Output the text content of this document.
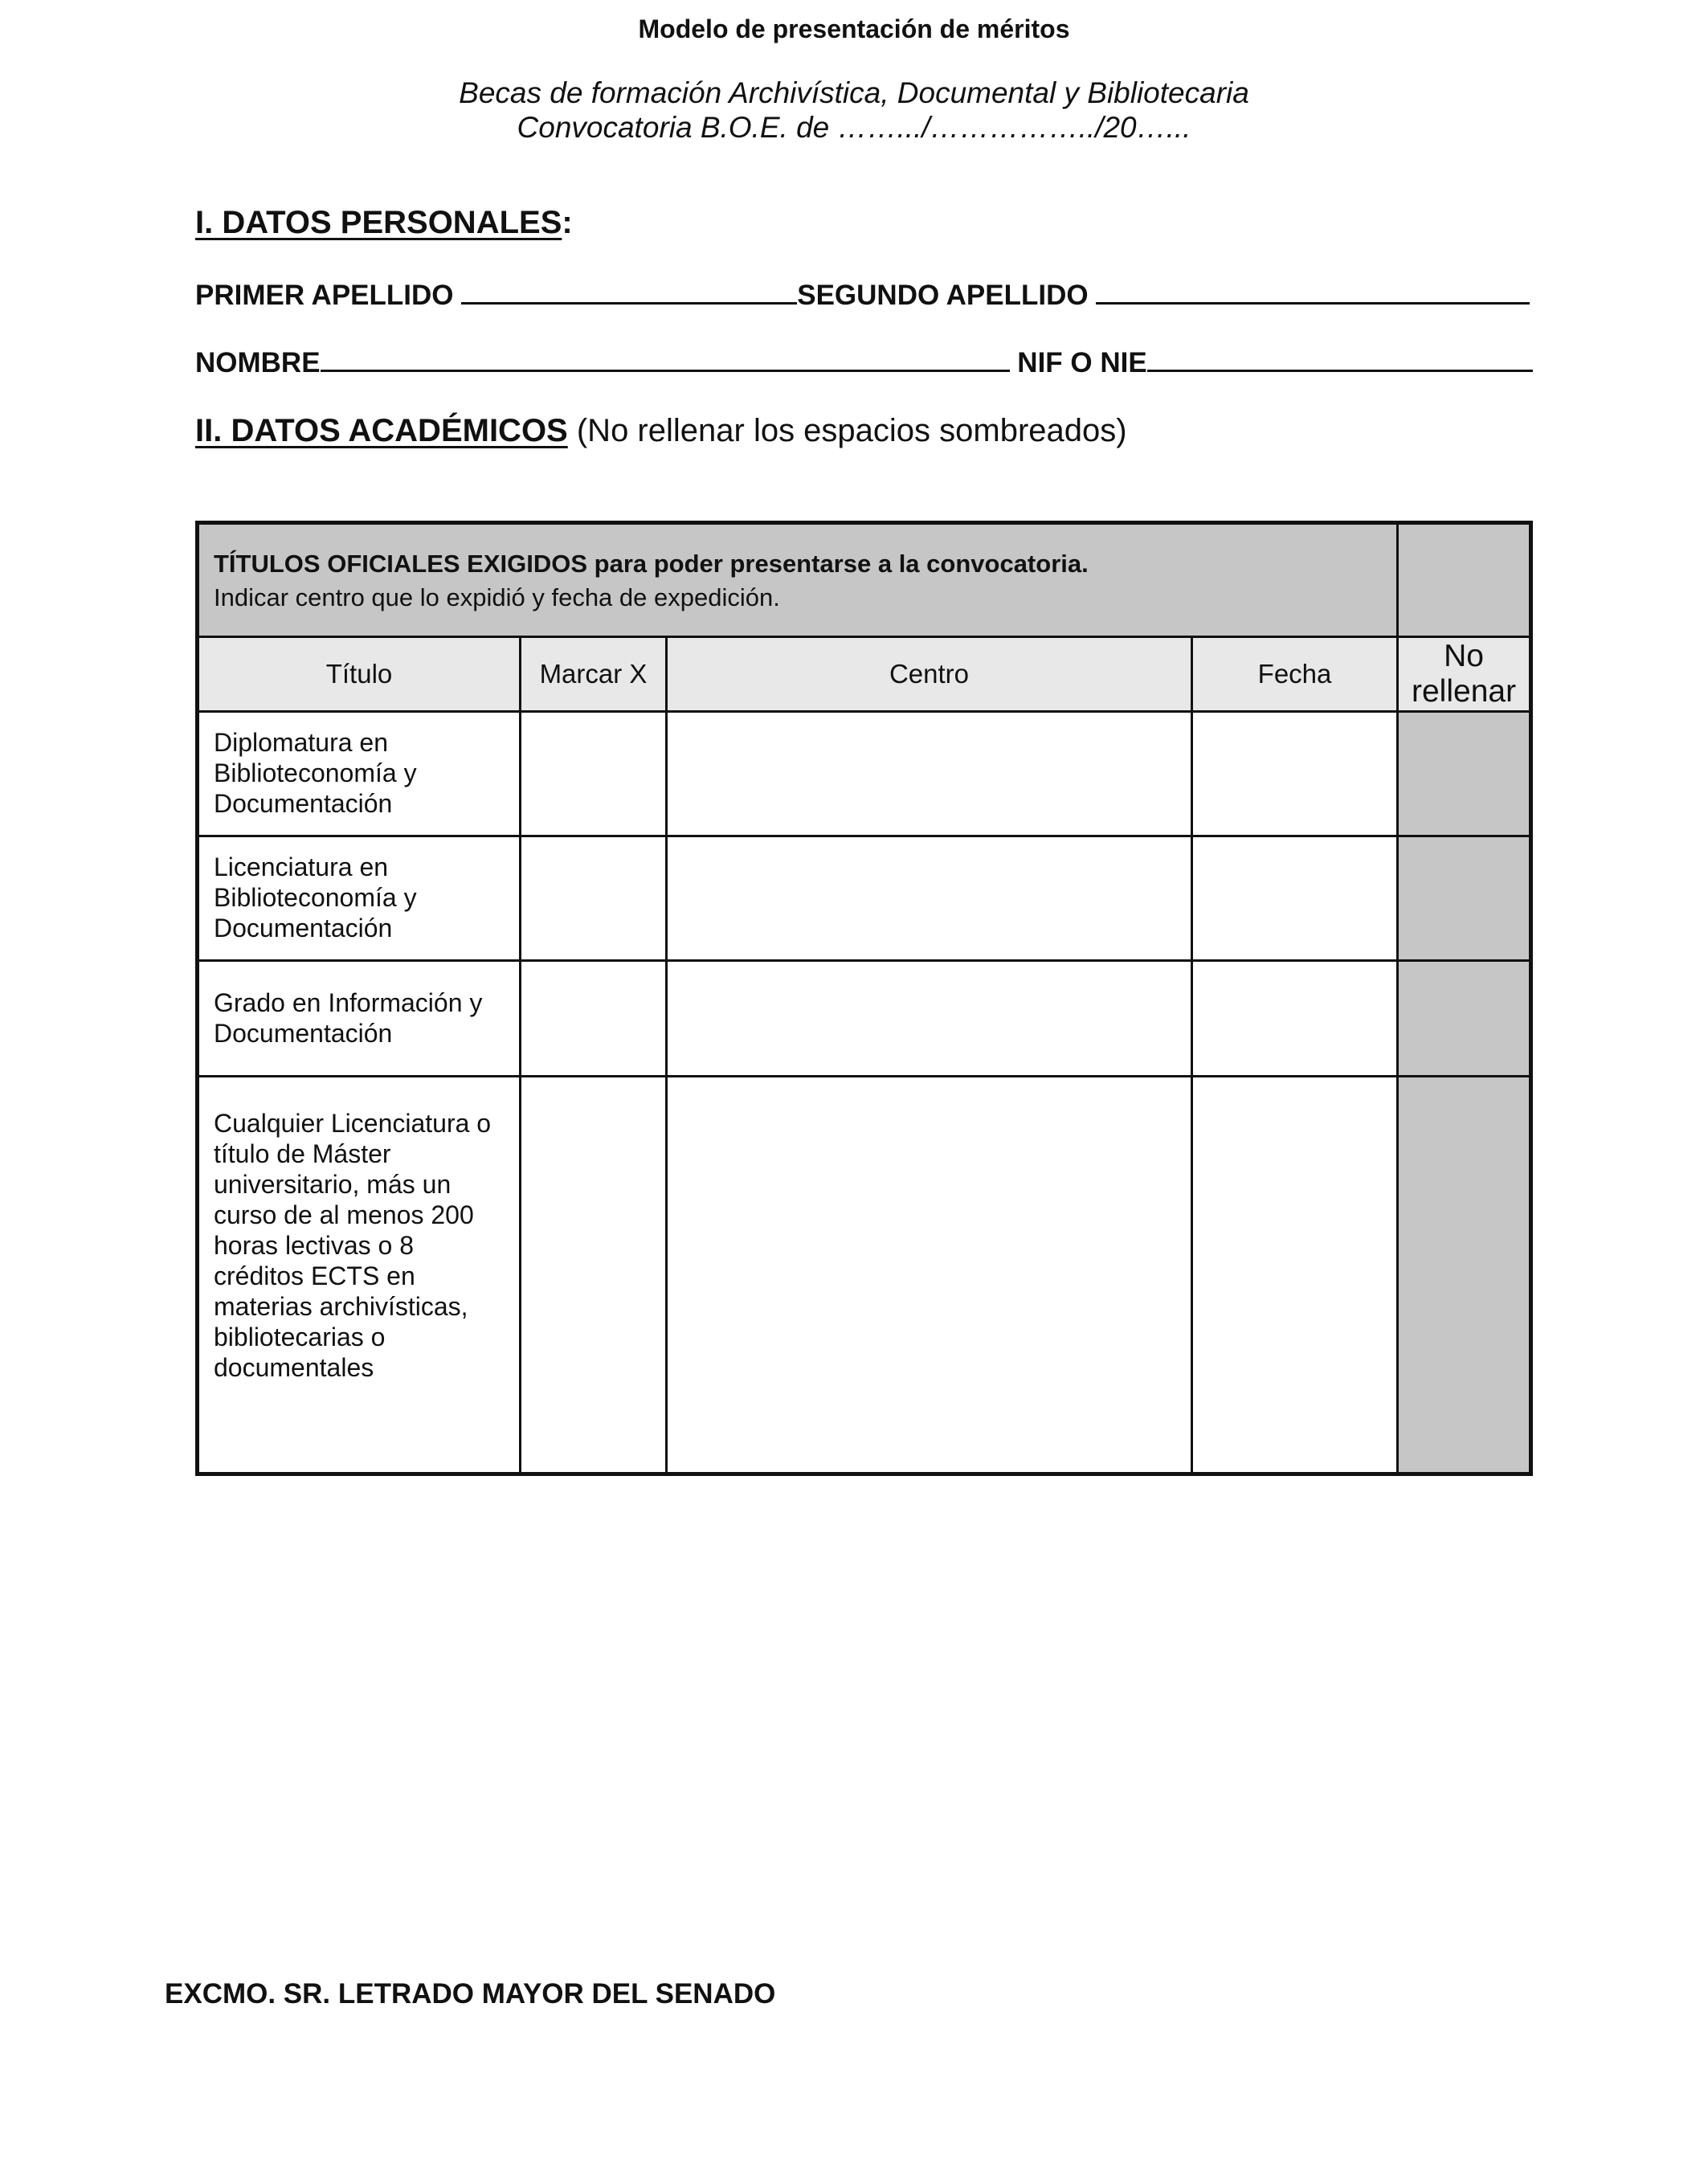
Modelo de presentación de méritos
Becas de formación Archivística, Documental y Bibliotecaria
Convocatoria B.O.E. de …….../……………../20…...
I. DATOS PERSONALES:
PRIMER APELLIDO	SEGUNDO APELLIDO
NOMBRE	NIF O NIE
II. DATOS ACADÉMICOS (No rellenar los espacios sombreados)
TÍTULOS OFICIALES EXIGIDOS para poder presentarse a la convocatoria.
Indicar centro que lo expidió y fecha de expedición.				

Título	Marcar X	Centro	Fecha	No rellenar
Diplomatura en Biblioteconomía y Documentación				
Licenciatura en Biblioteconomía y Documentación				
Grado en Información y Documentación				
Cualquier Licenciatura o título de Máster universitario, más un curso de al menos 200 horas lectivas o 8 créditos ECTS en materias archivísticas, bibliotecarias o documentales				
EXCMO. SR. LETRADO MAYOR DEL SENADO
